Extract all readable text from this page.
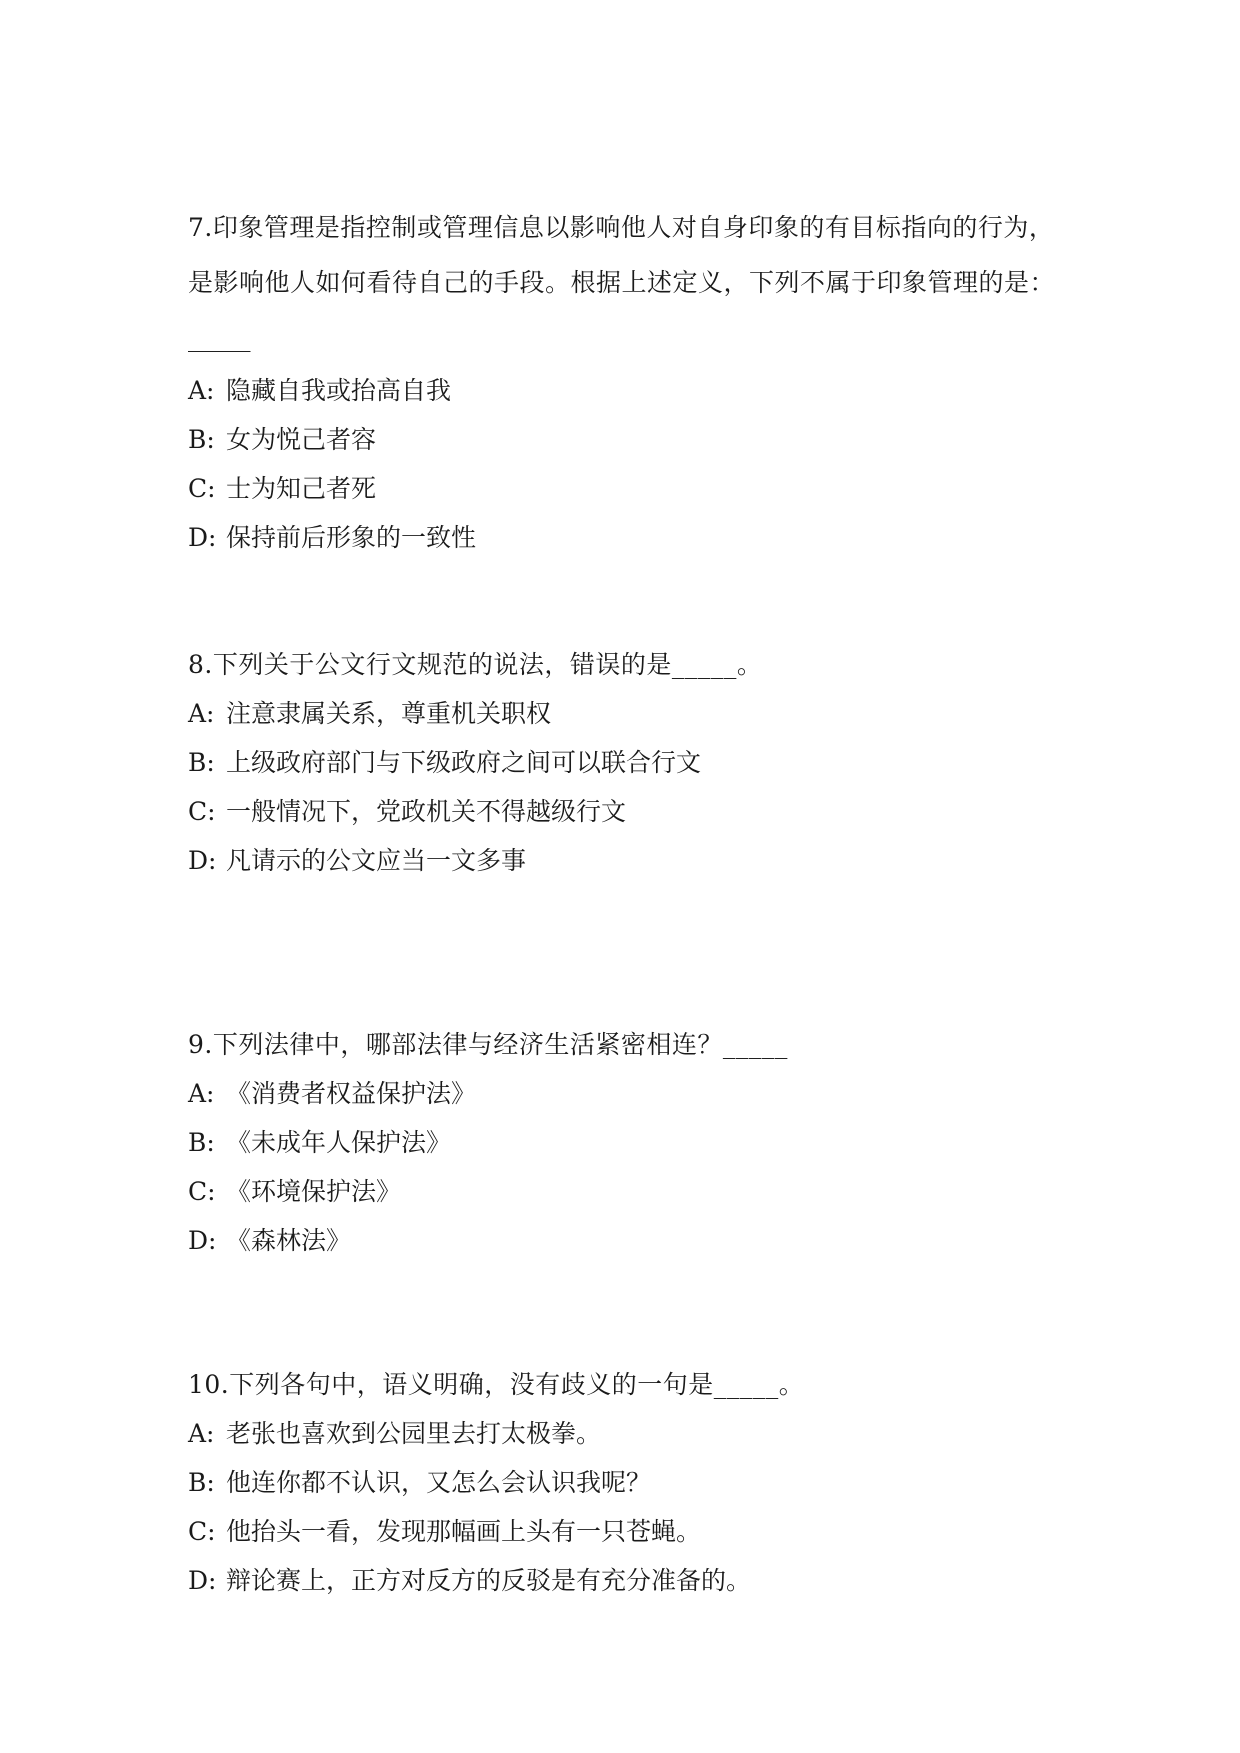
7.印象管理是指控制或管理信息以影响他人对自身印象的有目标指向的行为，是影响他人如何看待自己的手段。根据上述定义，下列不属于印象管理的是：

_____

A: 隐藏自我或抬高自我

B: 女为悦己者容

C: 士为知己者死

D: 保持前后形象的一致性

8.下列关于公文行文规范的说法，错误的是_____。

A: 注意隶属关系，尊重机关职权

B: 上级政府部门与下级政府之间可以联合行文

C: 一般情况下，党政机关不得越级行文

D: 凡请示的公文应当一文多事

9.下列法律中，哪部法律与经济生活紧密相连？_____

A: 《消费者权益保护法》

B: 《未成年人保护法》

C: 《环境保护法》

D: 《森林法》

10.下列各句中，语义明确，没有歧义的一句是_____。

A: 老张也喜欢到公园里去打太极拳。

B: 他连你都不认识，又怎么会认识我呢？

C: 他抬头一看，发现那幅画上头有一只苍蝇。

D: 辩论赛上，正方对反方的反驳是有充分准备的。
